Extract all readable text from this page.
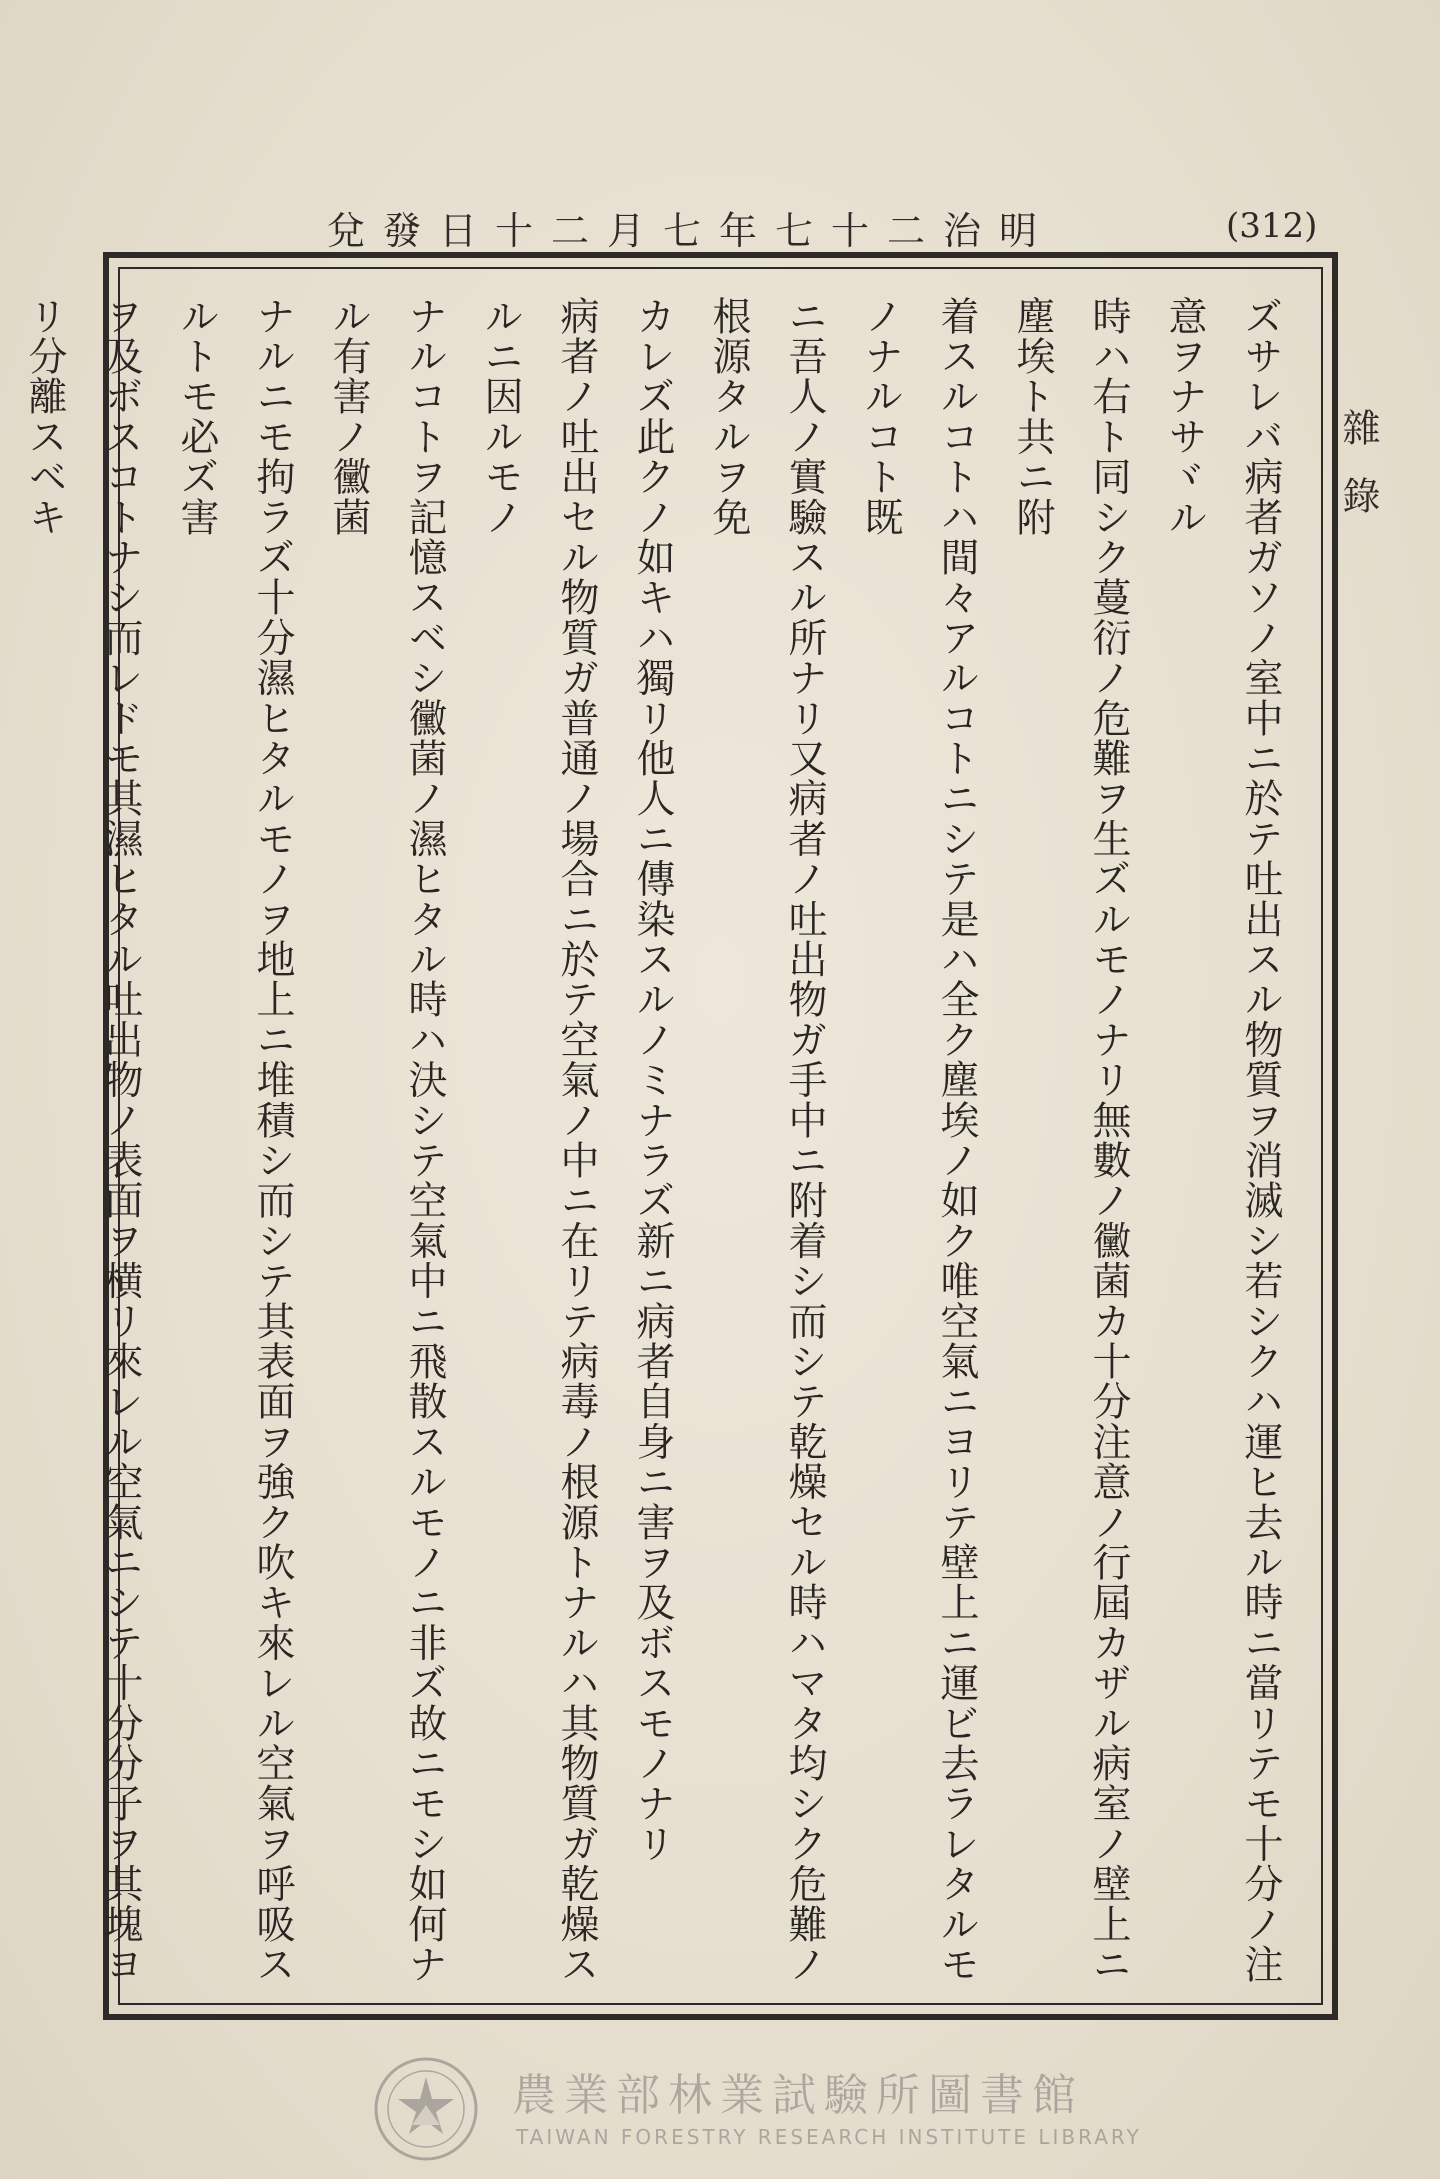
明治二十七年七月二十日發兌	(312)
雜錄
ズサレバ病者ガソノ室中ニ於テ吐出スル物質ヲ消滅シ若シクハ運ヒ去ル時ニ當リテモ十分ノ注意ヲナサヾル
時ハ右ト同シク蔓衍ノ危難ヲ生ズルモノナリ無數ノ黴菌カ十分注意ノ行屆カザル病室ノ壁上ニ塵埃ト共ニ附
着スルコトハ間々アルコトニシテ是ハ全ク塵埃ノ如ク唯空氣ニヨリテ壁上ニ運ビ去ラレタルモノナルコト既
ニ吾人ノ實驗スル所ナリ又病者ノ吐出物ガ手中ニ附着シ而シテ乾燥セル時ハマタ均シク危難ノ根源タルヲ免
カレズ此クノ如キハ獨リ他人ニ傳染スルノミナラズ新ニ病者自身ニ害ヲ及ボスモノナリ
病者ノ吐出セル物質ガ普通ノ場合ニ於テ空氣ノ中ニ在リテ病毒ノ根源トナルハ其物質ガ乾燥スルニ因ルモノ
ナルコトヲ記憶スベシ黴菌ノ濕ヒタル時ハ決シテ空氣中ニ飛散スルモノニ非ズ故ニモシ如何ナル有害ノ黴菌
ナルニモ拘ラズ十分濕ヒタルモノヲ地上ニ堆積シ而シテ其表面ヲ強ク吹キ來レル空氣ヲ呼吸スルトモ必ズ害
ヲ及ボスコトナシ而レドモ其濕ヒタル吐出物ノ表面ヲ横リ來レル空氣ニシテ十分分子ヲ其塊ヨリ分離スベキ
農業部林業試驗所圖書館
TAIWAN FORESTRY RESEARCH INSTITUTE LIBRARY
